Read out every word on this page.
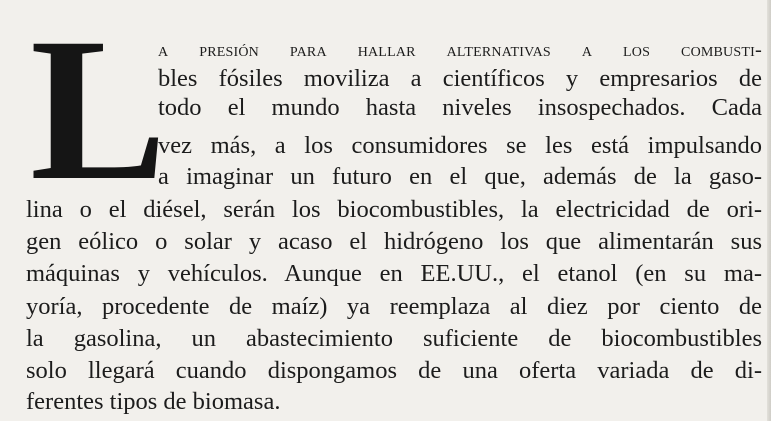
L
a presión para hallar alternativas a los combusti-
bles fósiles moviliza a científicos y empresarios de
todo el mundo hasta niveles insospechados. Cada
vez más, a los consumidores se les está impulsando
a imaginar un futuro en el que, además de la gaso-
lina o el diésel, serán los biocombustibles, la electricidad de ori-
gen eólico o solar y acaso el hidrógeno los que alimentarán sus
máquinas y vehículos. Aunque en EE.UU., el etanol (en su ma-
yoría, procedente de maíz) ya reemplaza al diez por ciento de
la gasolina, un abastecimiento suficiente de biocombustibles
solo llegará cuando dispongamos de una oferta variada de di-
ferentes tipos de biomasa.
